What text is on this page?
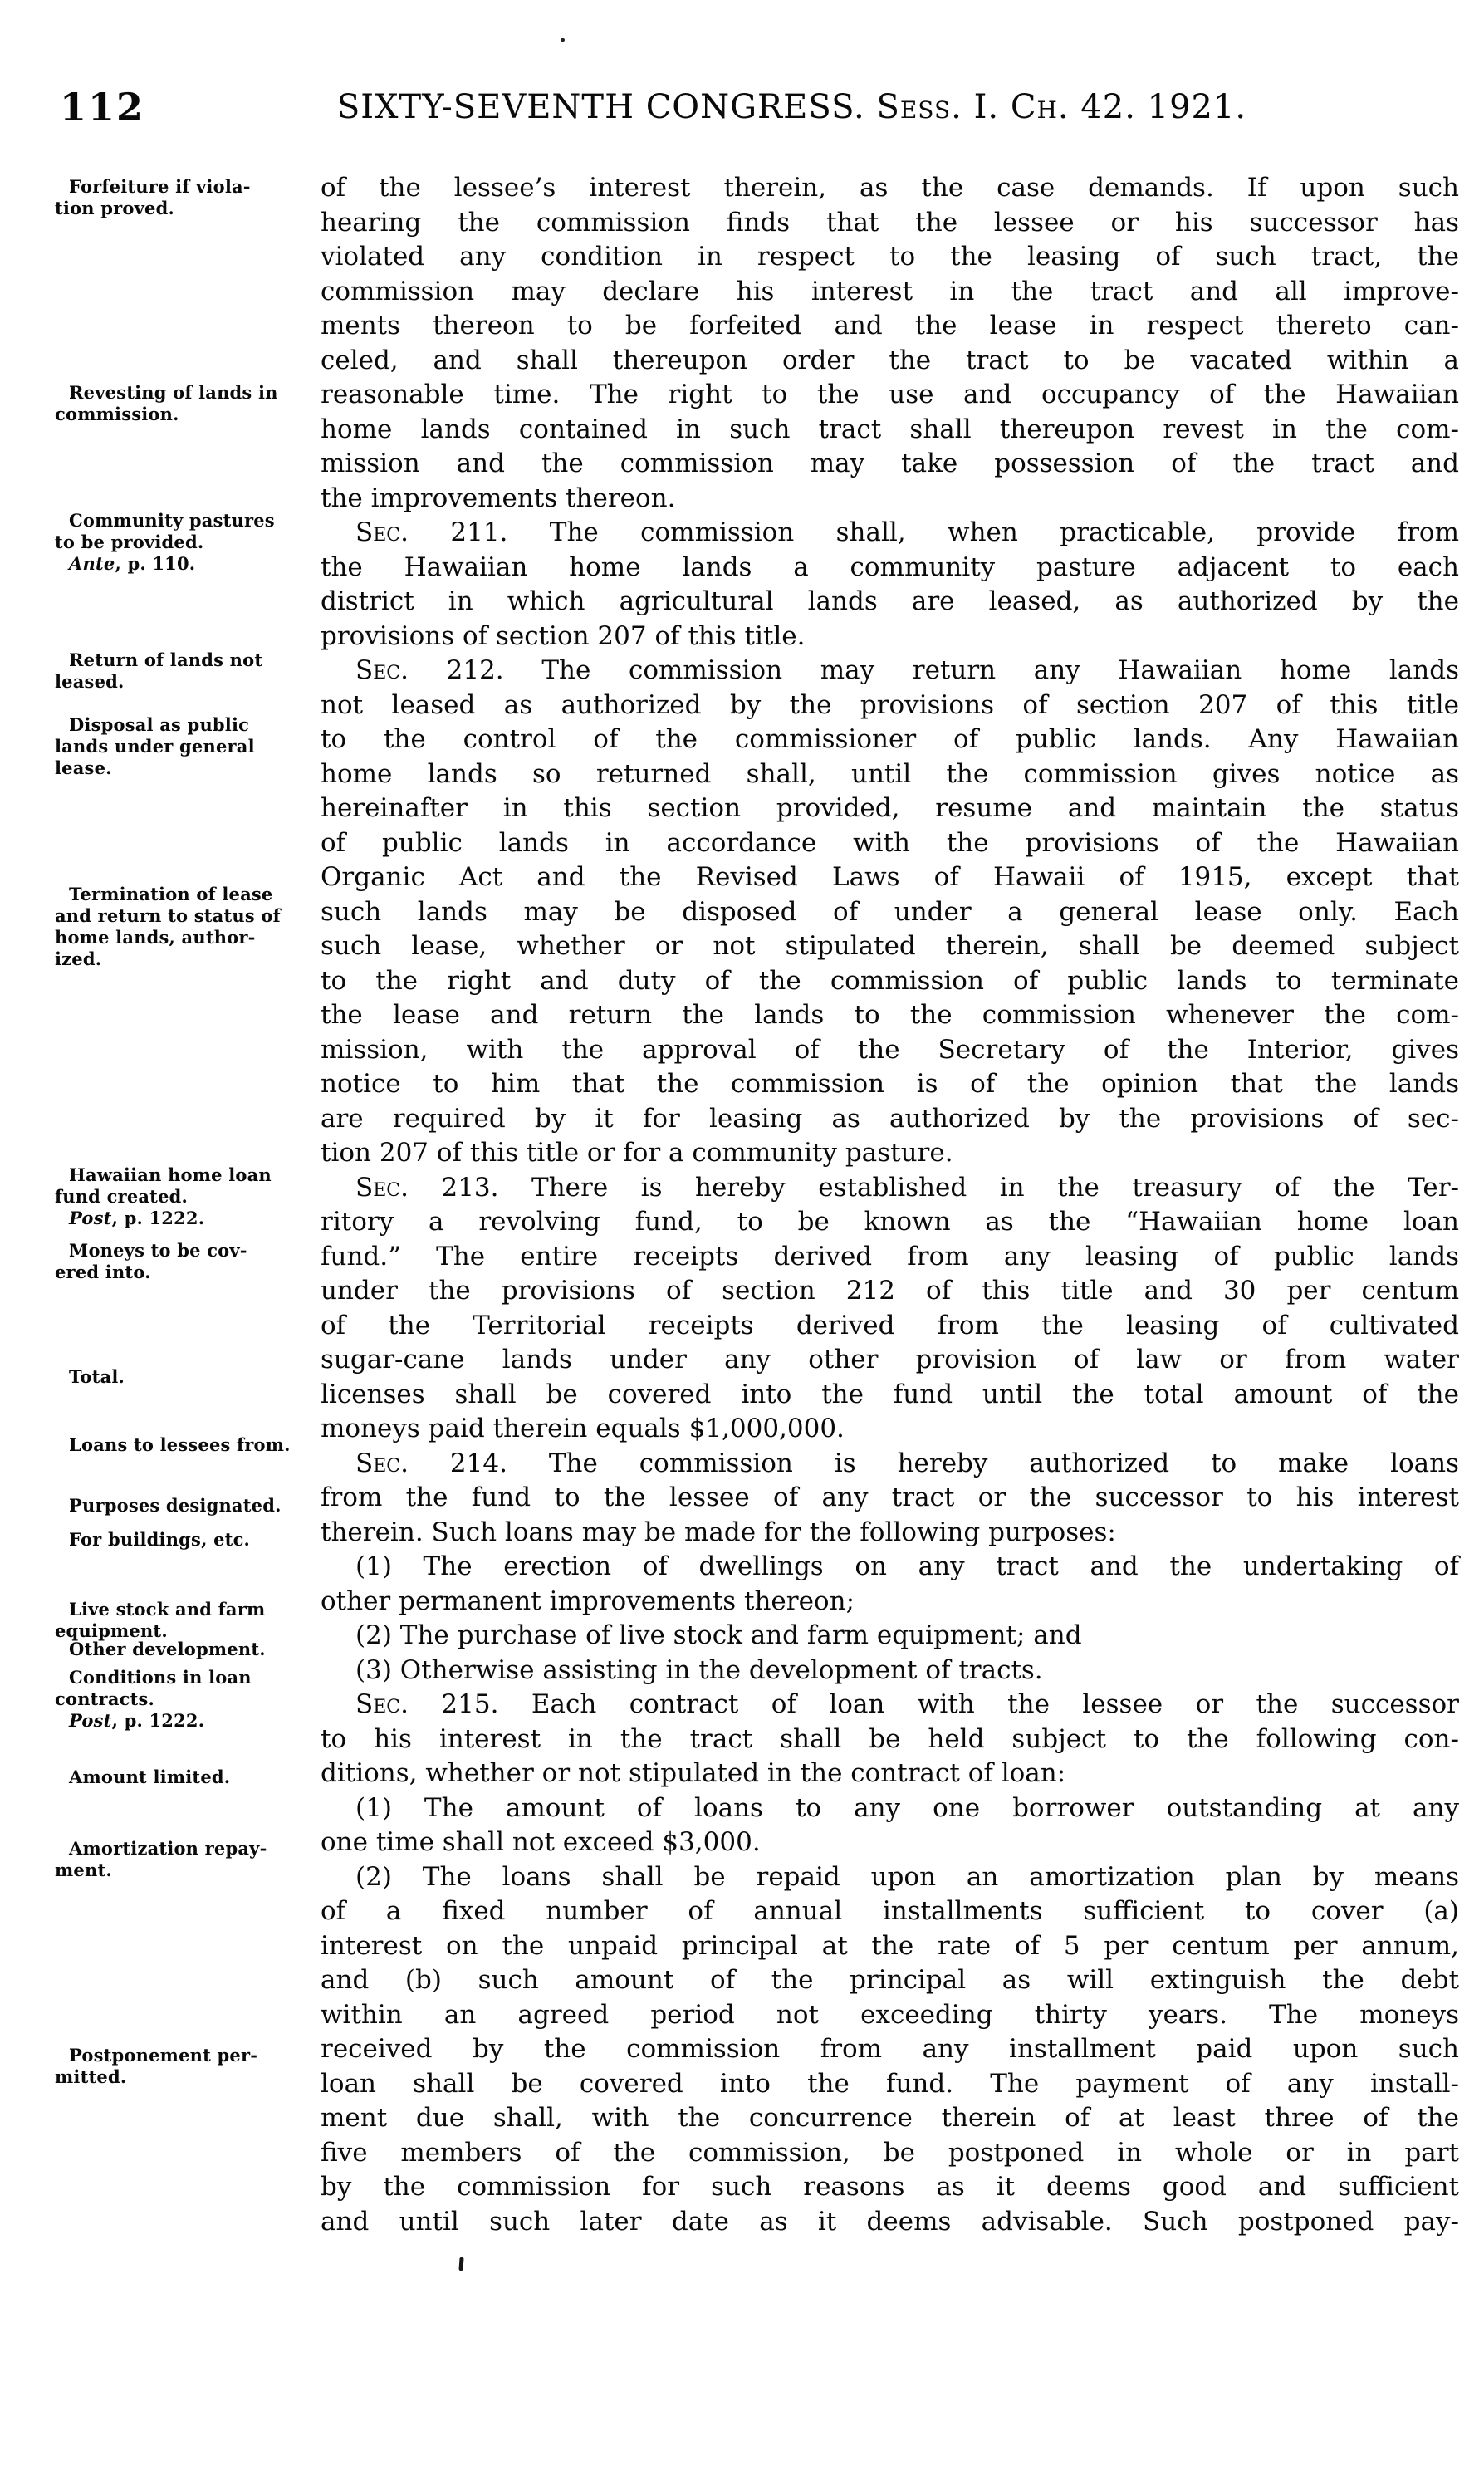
112	SIXTY-SEVENTH CONGRESS. Sess. I. Ch. 42. 1921.
Forfeiture if viola-
tion proved.
Revesting of lands in
commission.
Community pastures
to be provided.
Ante, p. 110.
Return of lands not
leased.
Disposal as public
lands under general
lease.
Termination of lease
and return to status of
home lands, author-
ized.
Hawaiian home loan
fund created.
Post, p. 1222.
Moneys to be cov-
ered into.
Total.
Loans to lessees from.
Purposes designated.
For buildings, etc.
Live stock and farm
equipment.
Other development.
Conditions in loan
contracts.
Post, p. 1222.
Amount limited.
Amortization repay-
ment.
Postponement per-
mitted.
of the lessee’s interest therein, as the case demands. If upon such
hearing the commission finds that the lessee or his successor has
violated any condition in respect to the leasing of such tract, the
commission may declare his interest in the tract and all improve-
ments thereon to be forfeited and the lease in respect thereto can-
celed, and shall thereupon order the tract to be vacated within a
reasonable time. The right to the use and occupancy of the Hawaiian
home lands contained in such tract shall thereupon revest in the com-
mission and the commission may take possession of the tract and
the improvements thereon.
Sec. 211. The commission shall, when practicable, provide from
the Hawaiian home lands a community pasture adjacent to each
district in which agricultural lands are leased, as authorized by the
provisions of section 207 of this title.
Sec. 212. The commission may return any Hawaiian home lands
not leased as authorized by the provisions of section 207 of this title
to the control of the commissioner of public lands. Any Hawaiian
home lands so returned shall, until the commission gives notice as
hereinafter in this section provided, resume and maintain the status
of public lands in accordance with the provisions of the Hawaiian
Organic Act and the Revised Laws of Hawaii of 1915, except that
such lands may be disposed of under a general lease only. Each
such lease, whether or not stipulated therein, shall be deemed subject
to the right and duty of the commission of public lands to terminate
the lease and return the lands to the commission whenever the com-
mission, with the approval of the Secretary of the Interior, gives
notice to him that the commission is of the opinion that the lands
are required by it for leasing as authorized by the provisions of sec-
tion 207 of this title or for a community pasture.
Sec. 213. There is hereby established in the treasury of the Ter-
ritory a revolving fund, to be known as the “Hawaiian home loan
fund.” The entire receipts derived from any leasing of public lands
under the provisions of section 212 of this title and 30 per centum
of the Territorial receipts derived from the leasing of cultivated
sugar-cane lands under any other provision of law or from water
licenses shall be covered into the fund until the total amount of the
moneys paid therein equals $1,000,000.
Sec. 214. The commission is hereby authorized to make loans
from the fund to the lessee of any tract or the successor to his interest
therein. Such loans may be made for the following purposes:
(1) The erection of dwellings on any tract and the undertaking of
other permanent improvements thereon;
(2) The purchase of live stock and farm equipment; and
(3) Otherwise assisting in the development of tracts.
Sec. 215. Each contract of loan with the lessee or the successor
to his interest in the tract shall be held subject to the following con-
ditions, whether or not stipulated in the contract of loan:
(1) The amount of loans to any one borrower outstanding at any
one time shall not exceed $3,000.
(2) The loans shall be repaid upon an amortization plan by means
of a fixed number of annual installments sufficient to cover (a)
interest on the unpaid principal at the rate of 5 per centum per annum,
and (b) such amount of the principal as will extinguish the debt
within an agreed period not exceeding thirty years. The moneys
received by the commission from any installment paid upon such
loan shall be covered into the fund. The payment of any install-
ment due shall, with the concurrence therein of at least three of the
five members of the commission, be postponed in whole or in part
by the commission for such reasons as it deems good and sufficient
and until such later date as it deems advisable. Such postponed pay-
